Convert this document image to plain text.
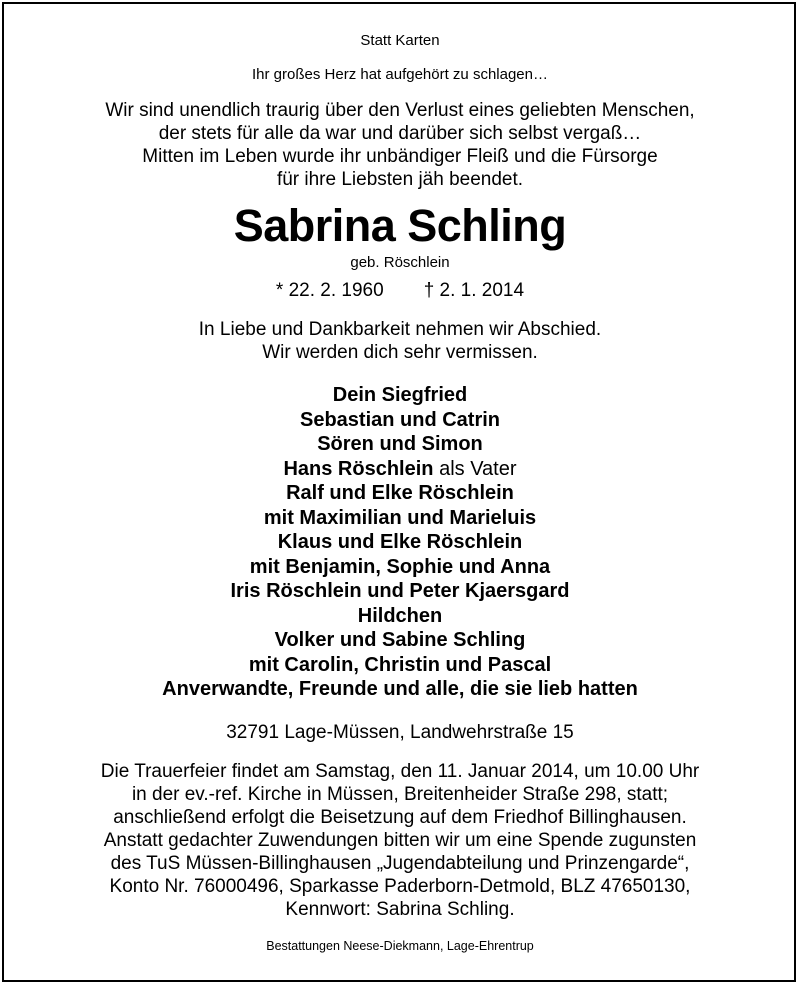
Statt Karten
Ihr großes Herz hat aufgehört zu schlagen…
Wir sind unendlich traurig über den Verlust eines geliebten Menschen,
der stets für alle da war und darüber sich selbst vergaß…
Mitten im Leben wurde ihr unbändiger Fleiß und die Fürsorge
für ihre Liebsten jäh beendet.
Sabrina Schling
geb. Röschlein
* 22. 2. 1960 † 2. 1. 2014
In Liebe und Dankbarkeit nehmen wir Abschied.
Wir werden dich sehr vermissen.
Dein Siegfried
Sebastian und Catrin
Sören und Simon
Hans Röschlein als Vater
Ralf und Elke Röschlein
mit Maximilian und Marieluis
Klaus und Elke Röschlein
mit Benjamin, Sophie und Anna
Iris Röschlein und Peter Kjaersgard
Hildchen
Volker und Sabine Schling
mit Carolin, Christin und Pascal
Anverwandte, Freunde und alle, die sie lieb hatten
32791 Lage-Müssen, Landwehrstraße 15
Die Trauerfeier findet am Samstag, den 11. Januar 2014, um 10.00 Uhr
in der ev.-ref. Kirche in Müssen, Breitenheider Straße 298, statt;
anschließend erfolgt die Beisetzung auf dem Friedhof Billinghausen.
Anstatt gedachter Zuwendungen bitten wir um eine Spende zugunsten
des TuS Müssen-Billinghausen „Jugendabteilung und Prinzengarde“,
Konto Nr. 76000496, Sparkasse Paderborn-Detmold, BLZ 47650130,
Kennwort: Sabrina Schling.
Bestattungen Neese-Diekmann, Lage-Ehrentrup
